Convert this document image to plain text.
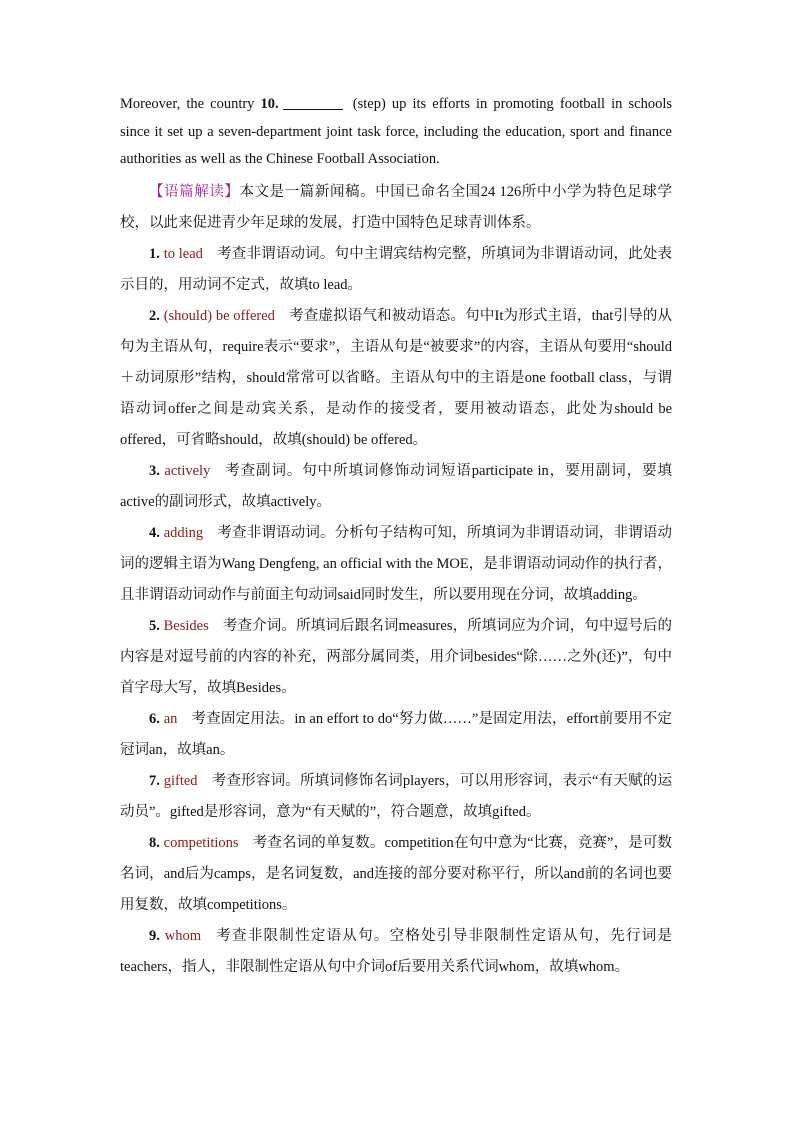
Moreover, the country 10.	(step) up its efforts in promoting football in schools since it set up a seven-department joint task force, including the education, sport and finance authorities as well as the Chinese Football Association.

【语篇解读】本文是一篇新闻稿。中国已命名全国24 126所中小学为特色足球学校，以此来促进青少年足球的发展，打造中国特色足球青训体系。

1. to lead 考查非谓语动词。句中主谓宾结构完整，所填词为非谓语动词，此处表示目的，用动词不定式，故填to lead。

2. (should) be offered 考查虚拟语气和被动语态。句中It为形式主语，that引导的从句为主语从句，require表示“要求”，主语从句是“被要求”的内容，主语从句要用“should＋动词原形”结构，should常常可以省略。主语从句中的主语是one football class，与谓语动词offer之间是动宾关系，是动作的接受者，要用被动语态，此处为should be offered，可省略should，故填(should) be offered。

3. actively 考查副词。句中所填词修饰动词短语participate in，要用副词，要填active的副词形式，故填actively。

4. adding 考查非谓语动词。分析句子结构可知，所填词为非谓语动词，非谓语动词的逻辑主语为Wang Dengfeng, an official with the MOE，是非谓语动词动作的执行者，且非谓语动词动作与前面主句动词said同时发生，所以要用现在分词，故填adding。

5. Besides 考查介词。所填词后跟名词measures，所填词应为介词，句中逗号后的内容是对逗号前的内容的补充，两部分属同类，用介词besides“除……之外(还)”，句中首字母大写，故填Besides。

6. an 考查固定用法。in an effort to do“努力做……”是固定用法，effort前要用不定冠词an，故填an。

7. gifted 考查形容词。所填词修饰名词players，可以用形容词，表示“有天赋的运动员”。gifted是形容词，意为“有天赋的”，符合题意，故填gifted。

8. competitions 考查名词的单复数。competition在句中意为“比赛，竞赛”，是可数名词，and后为camps，是名词复数，and连接的部分要对称平行，所以and前的名词也要用复数，故填competitions。

9. whom 考查非限制性定语从句。空格处引导非限制性定语从句，先行词是teachers，指人，非限制性定语从句中介词of后要用关系代词whom，故填whom。
